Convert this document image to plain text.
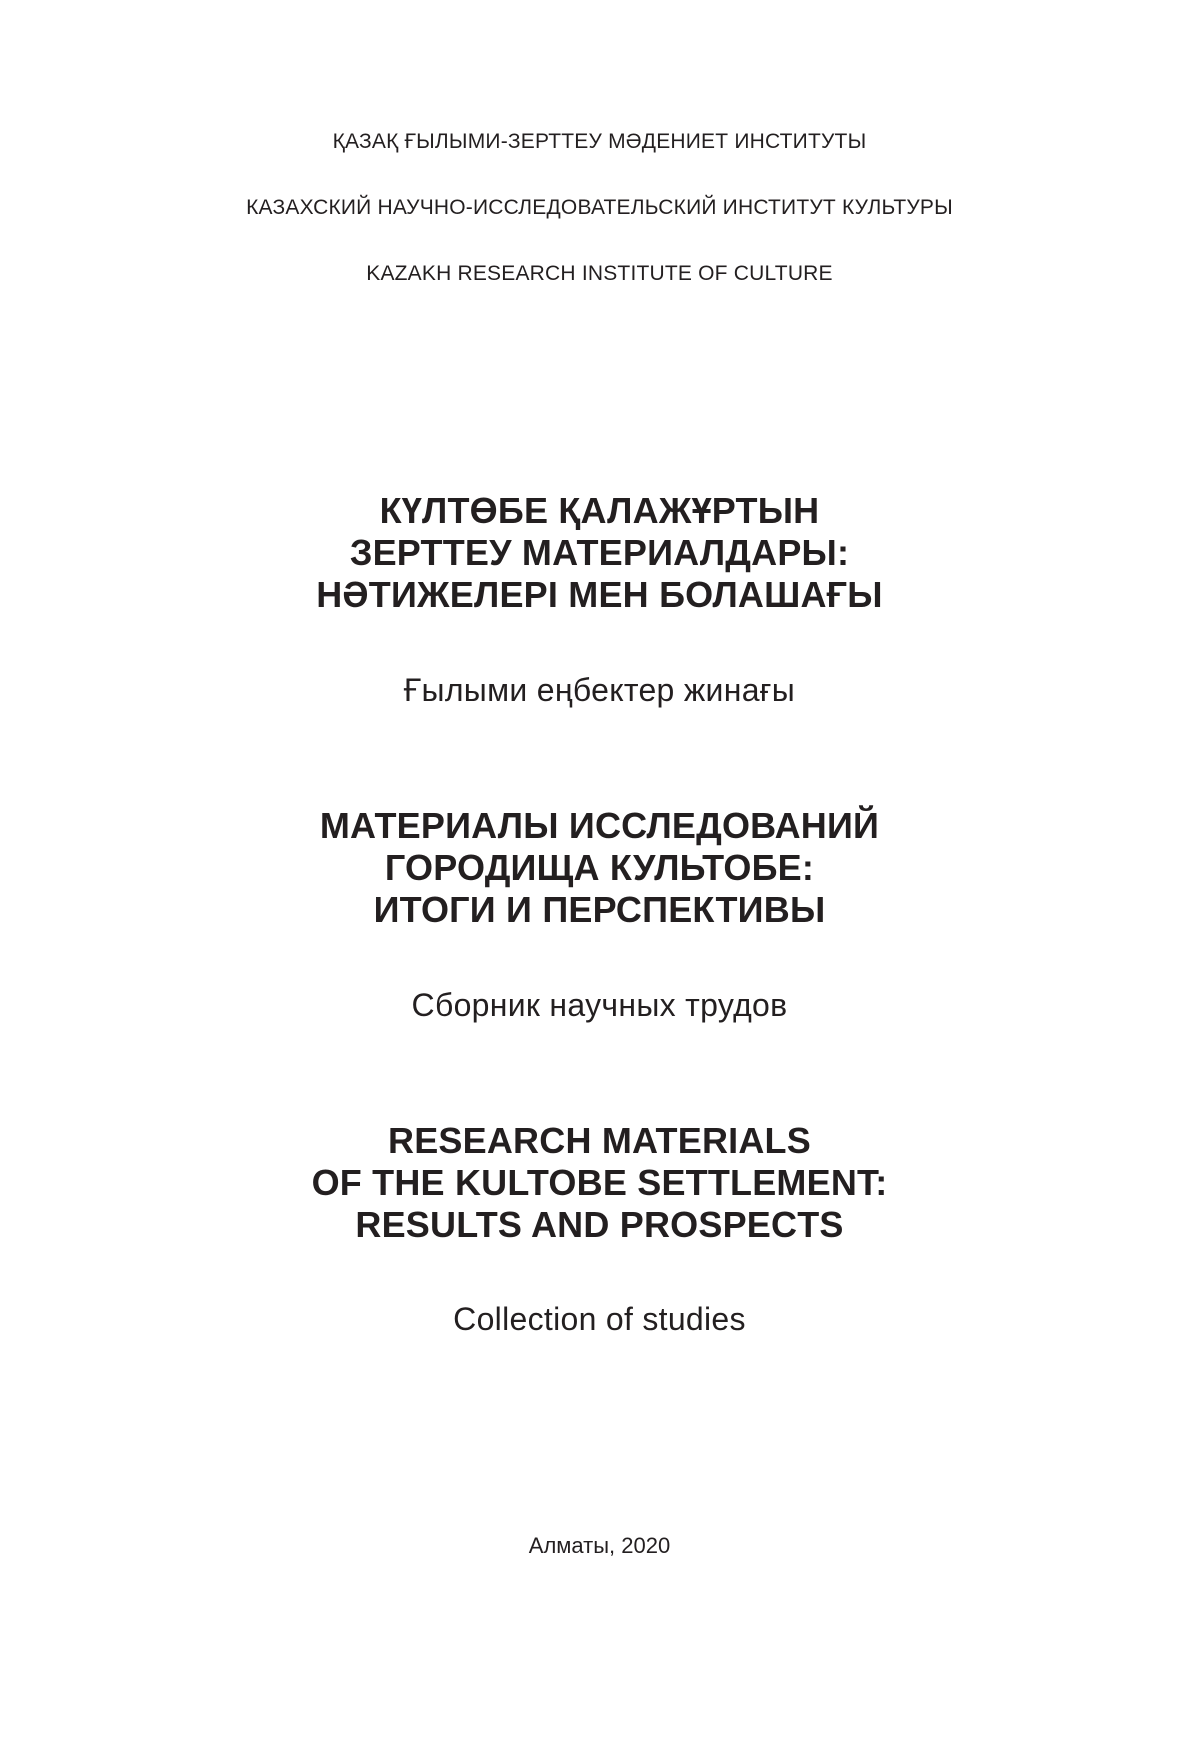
ҚАЗАҚ ҒЫЛЫМИ-ЗЕРТТЕУ МӘДЕНИЕТ ИНСТИТУТЫ
КАЗАХСКИЙ НАУЧНО-ИССЛЕДОВАТЕЛЬСКИЙ ИНСТИТУТ КУЛЬТУРЫ
KAZAKH RESEARCH INSTITUTE OF CULTURE
КҮЛТӨБЕ ҚАЛАЖҰРТЫН
ЗЕРТТЕУ МАТЕРИАЛДАРЫ:
НӘТИЖЕЛЕРІ МЕН БОЛАШАҒЫ
Ғылыми еңбектер жинағы
МАТЕРИАЛЫ ИССЛЕДОВАНИЙ
ГОРОДИЩА КУЛЬТОБЕ:
ИТОГИ И ПЕРСПЕКТИВЫ
Сборник научных трудов
RESEARCH MATERIALS
OF THE KULTOBE SETTLEMENT:
RESULTS AND PROSPECTS
Collection of studies
Алматы, 2020
